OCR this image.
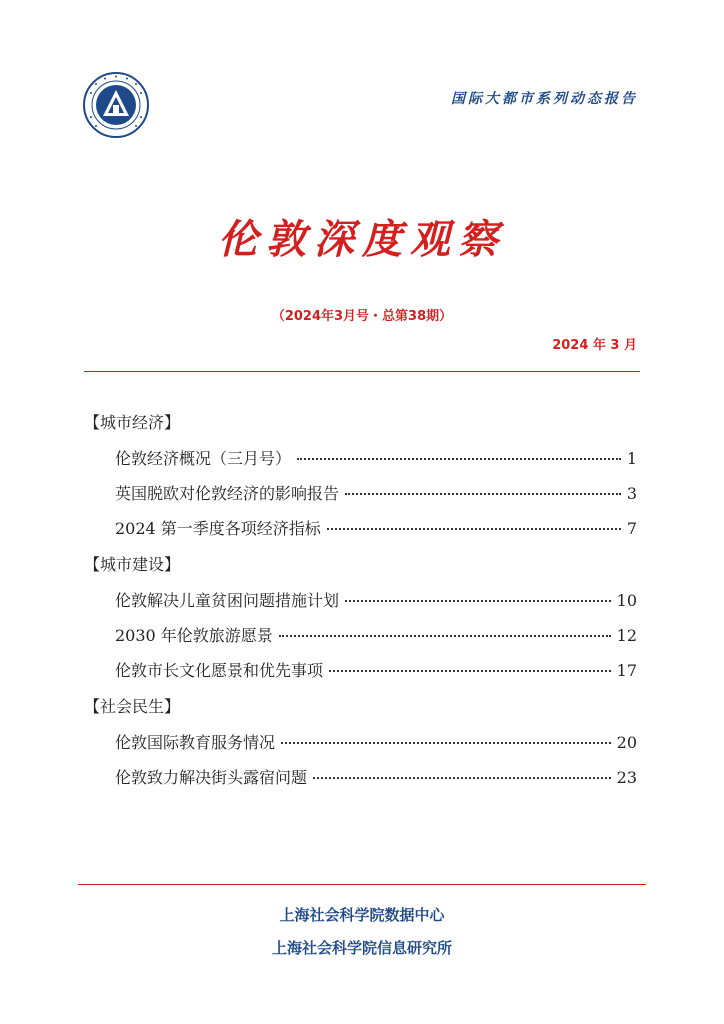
国际大都市系列动态报告
伦敦深度观察
（2024年3月号・总第38期）
2024 年 3 月
【城市经济】
伦敦经济概况（三月号）	1
英国脱欧对伦敦经济的影响报告	3
2024 第一季度各项经济指标	7
【城市建设】
伦敦解决儿童贫困问题措施计划	10
2030 年伦敦旅游愿景	12
伦敦市长文化愿景和优先事项	17
【社会民生】
伦敦国际教育服务情况	20
伦敦致力解决街头露宿问题	23
上海社会科学院数据中心
上海社会科学院信息研究所
